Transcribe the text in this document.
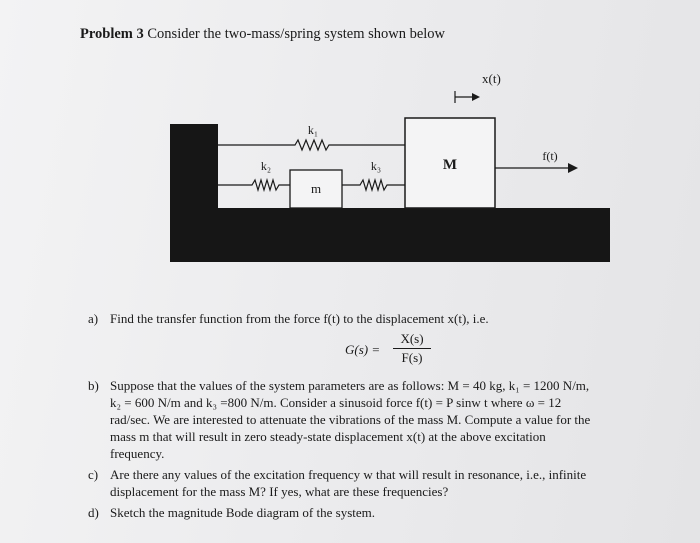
Problem 3 Consider the two-mass/spring system shown below
M
m
k₁
k₂	k₃
f(t)
x(t)
a) Find the transfer function from the force f(t) to the displacement x(t), i.e.
$G(s) = \frac{X(s)}{F(s)}$
b) Suppose that the values of the system parameters are as follows: M = 40 kg, k₁ = 1200 N/m,
k₂ = 600 N/m and k₃ =800 N/m. Consider a sinusoid force f(t) = P sinw t where ω = 12
rad/sec. We are interested to attenuate the vibrations of the mass M. Compute a value for the
mass m that will result in zero steady-state displacement x(t) at the above excitation
frequency.
c) Are there any values of the excitation frequency w that will result in resonance, i.e., infinite
displacement for the mass M? If yes, what are these frequencies?
d) Sketch the magnitude Bode diagram of the system.
